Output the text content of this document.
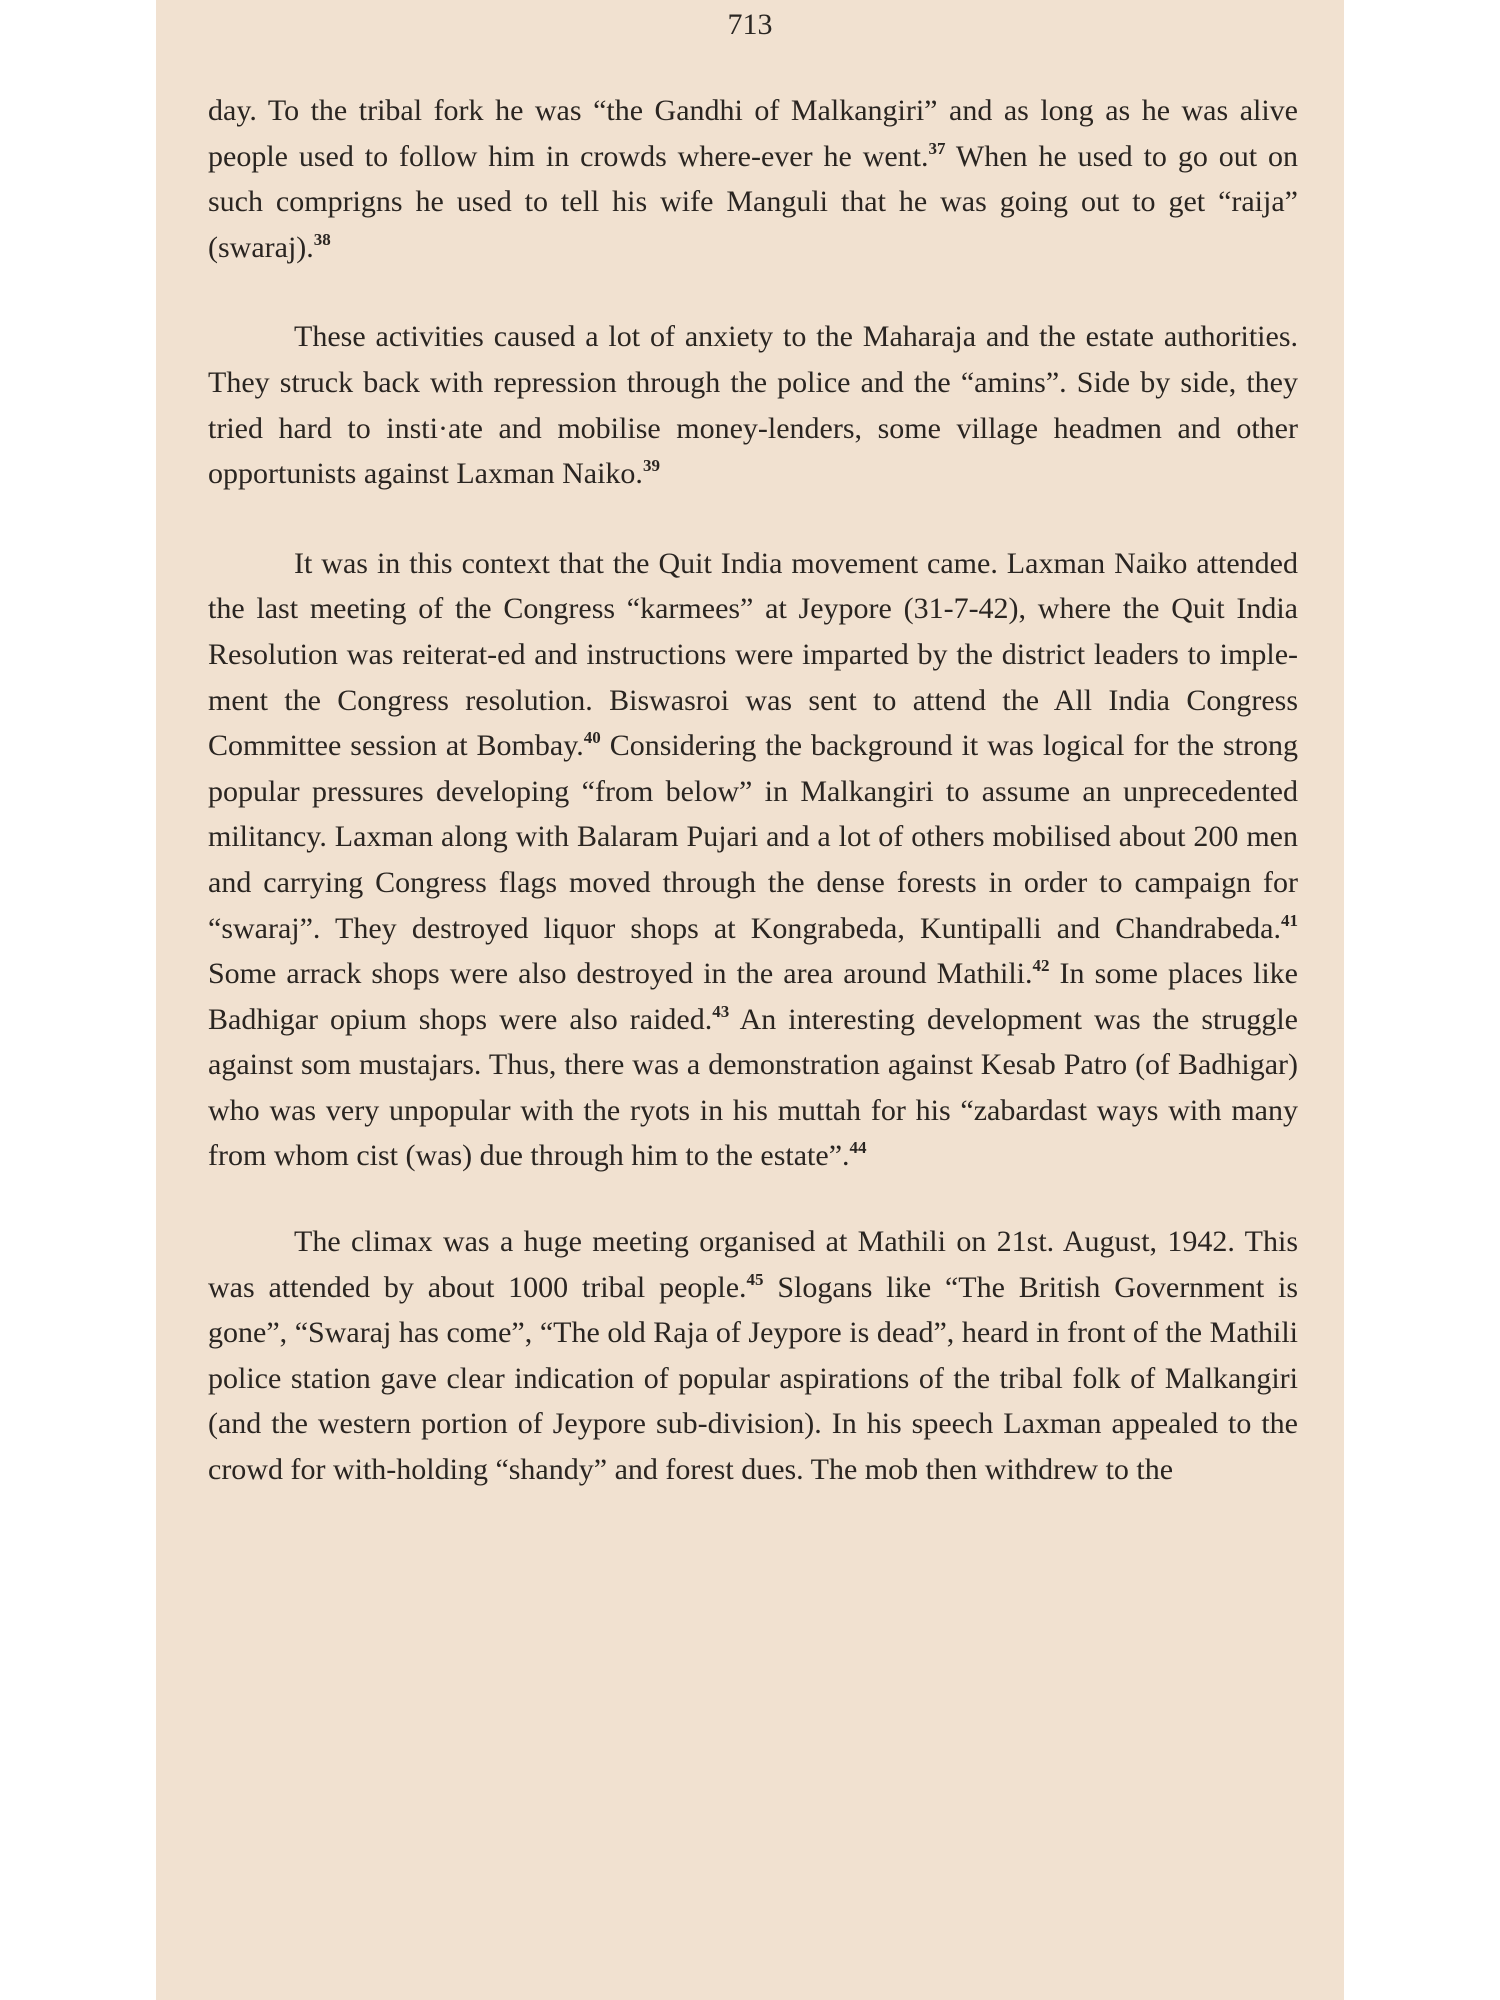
713

day. To the tribal fork he was “the Gandhi of Malkangiri” and as long as he was alive people used to follow him in crowds where-ever he went.$^{37}$ When he used to go out on such comprigns he used to tell his wife Manguli that he was going out to get “raija” (swaraj).$^{38}$

These activities caused a lot of anxiety to the Maharaja and the estate authorities. They struck back with repression through the police and the “amins”. Side by side, they tried hard to insti·ate and mobilise money-lenders, some village headmen and other opportunists against Laxman Naiko.$^{39}$

It was in this context that the Quit India movement came. Laxman Naiko attended the last meeting of the Congress “karmees” at Jeypore (31-7-42), where the Quit India Resolution was reiterat-ed and instructions were imparted by the district leaders to imple-ment the Congress resolution. Biswasroi was sent to attend the All India Congress Committee session at Bombay.$^{40}$ Considering the background it was logical for the strong popular pressures developing “from below” in Malkangiri to assume an unprecedented militancy. Laxman along with Balaram Pujari and a lot of others mobilised about 200 men and carrying Congress flags moved through the dense forests in order to campaign for “swaraj”. They destroyed liquor shops at Kongrabeda, Kuntipalli and Chandrabeda.$^{41}$ Some arrack shops were also destroyed in the area around Mathili.$^{42}$ In some places like Badhigar opium shops were also raided.$^{43}$ An interesting development was the struggle against som mustajars. Thus, there was a demonstration against Kesab Patro (of Badhigar) who was very unpopular with the ryots in his muttah for his “zabardast ways with many from whom cist (was) due through him to the estate”.$^{44}$

The climax was a huge meeting organised at Mathili on 21st. August, 1942. This was attended by about 1000 tribal people.$^{45}$ Slogans like “The British Government is gone”, “Swaraj has come”, “The old Raja of Jeypore is dead”, heard in front of the Mathili police station gave clear indication of popular aspirations of the tribal folk of Malkangiri (and the western portion of Jeypore sub-division). In his speech Laxman appealed to the crowd for with-holding “shandy” and forest dues. The mob then withdrew to the
